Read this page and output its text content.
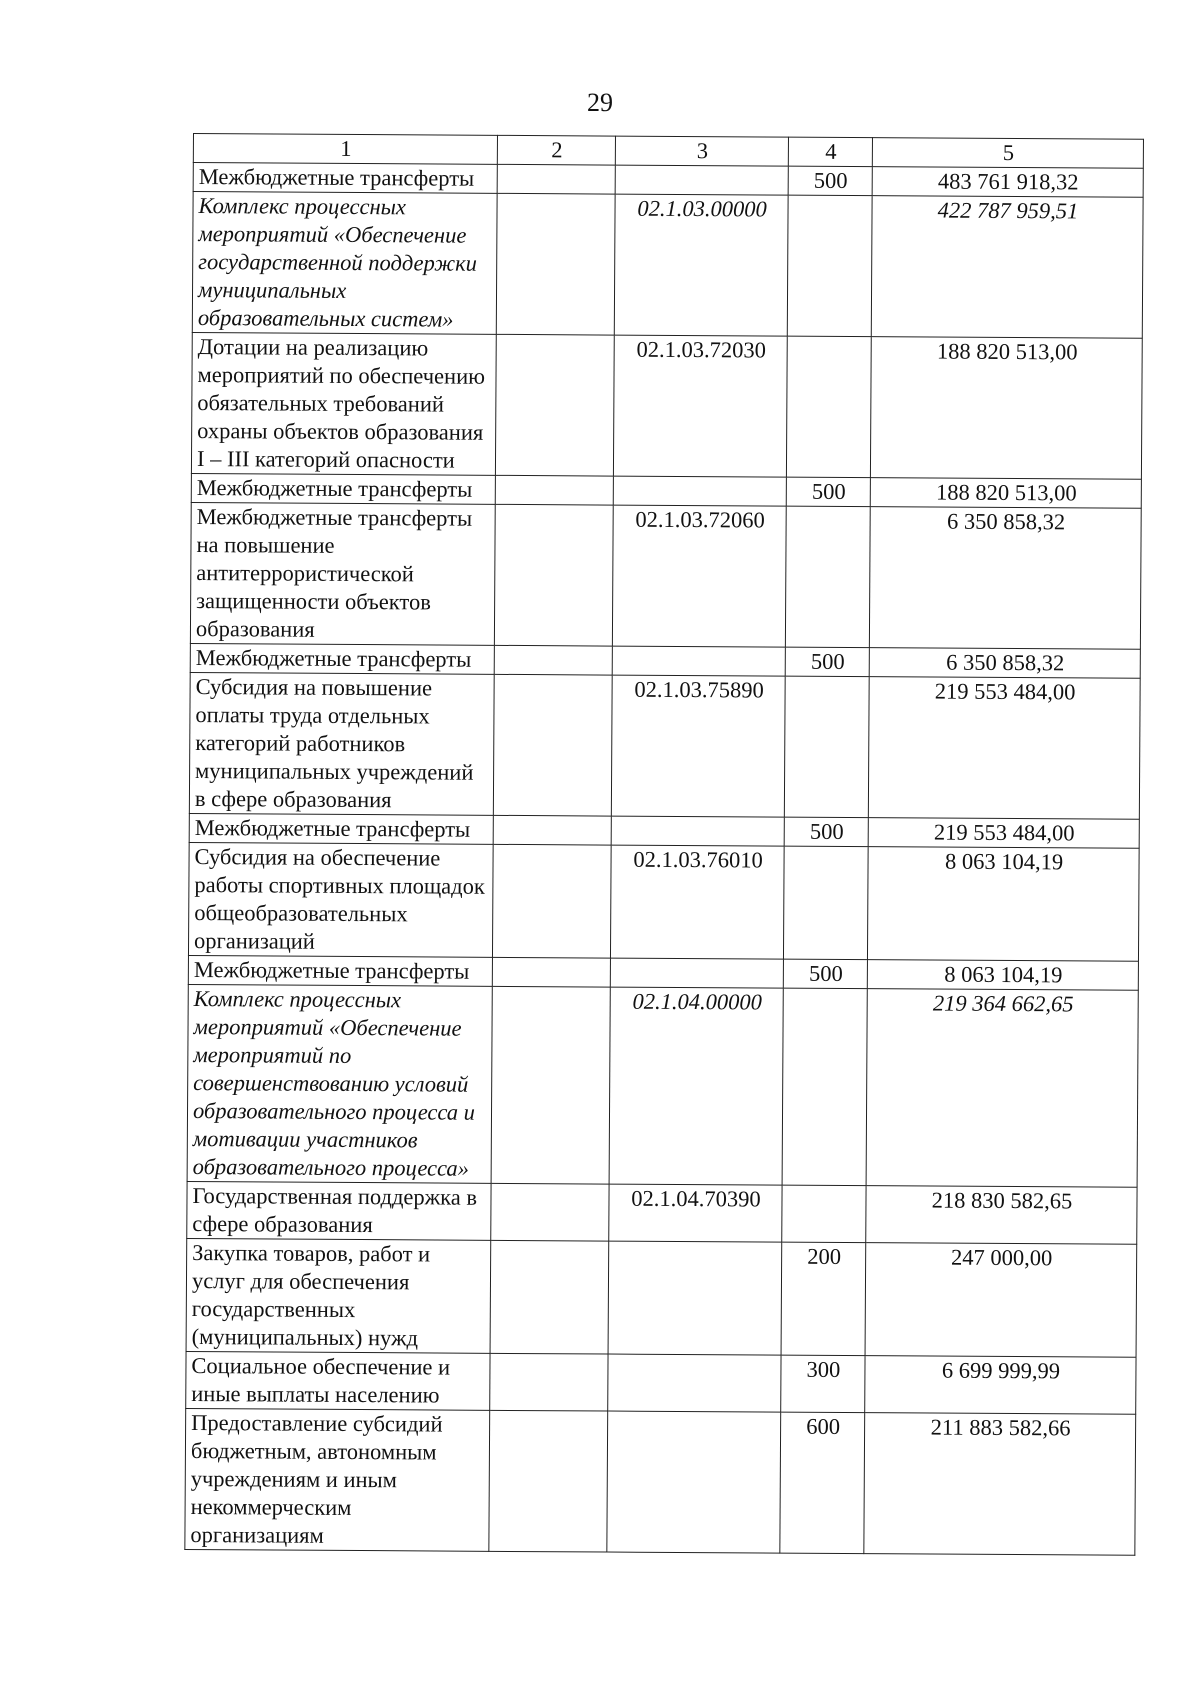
29
1	2	3	4	5
Межбюджетные трансферты			500	483 761 918,32
Комплекс процессных мероприятий «Обеспечение государственной поддержки муниципальных образовательных систем»		02.1.03.00000		422 787 959,51
Дотации на реализацию мероприятий по обеспечению обязательных требований охраны объектов образования I – III категорий опасности		02.1.03.72030		188 820 513,00
Межбюджетные трансферты			500	188 820 513,00
Межбюджетные трансферты на повышение антитеррористической защищенности объектов образования		02.1.03.72060		6 350 858,32
Межбюджетные трансферты			500	6 350 858,32
Субсидия на повышение оплаты труда отдельных категорий работников муниципальных учреждений в сфере образования		02.1.03.75890		219 553 484,00
Межбюджетные трансферты			500	219 553 484,00
Субсидия на обеспечение работы спортивных площадок общеобразовательных организаций		02.1.03.76010		8 063 104,19
Межбюджетные трансферты			500	8 063 104,19
Комплекс процессных мероприятий «Обеспечение мероприятий по совершенствованию условий образовательного процесса и мотивации участников образовательного процесса»		02.1.04.00000		219 364 662,65
Государственная поддержка в сфере образования		02.1.04.70390		218 830 582,65
Закупка товаров, работ и услуг для обеспечения государственных (муниципальных) нужд			200	247 000,00
Социальное обеспечение и иные выплаты населению			300	6 699 999,99
Предоставление субсидий бюджетным, автономным учреждениям и иным некоммерческим организациям			600	211 883 582,66
